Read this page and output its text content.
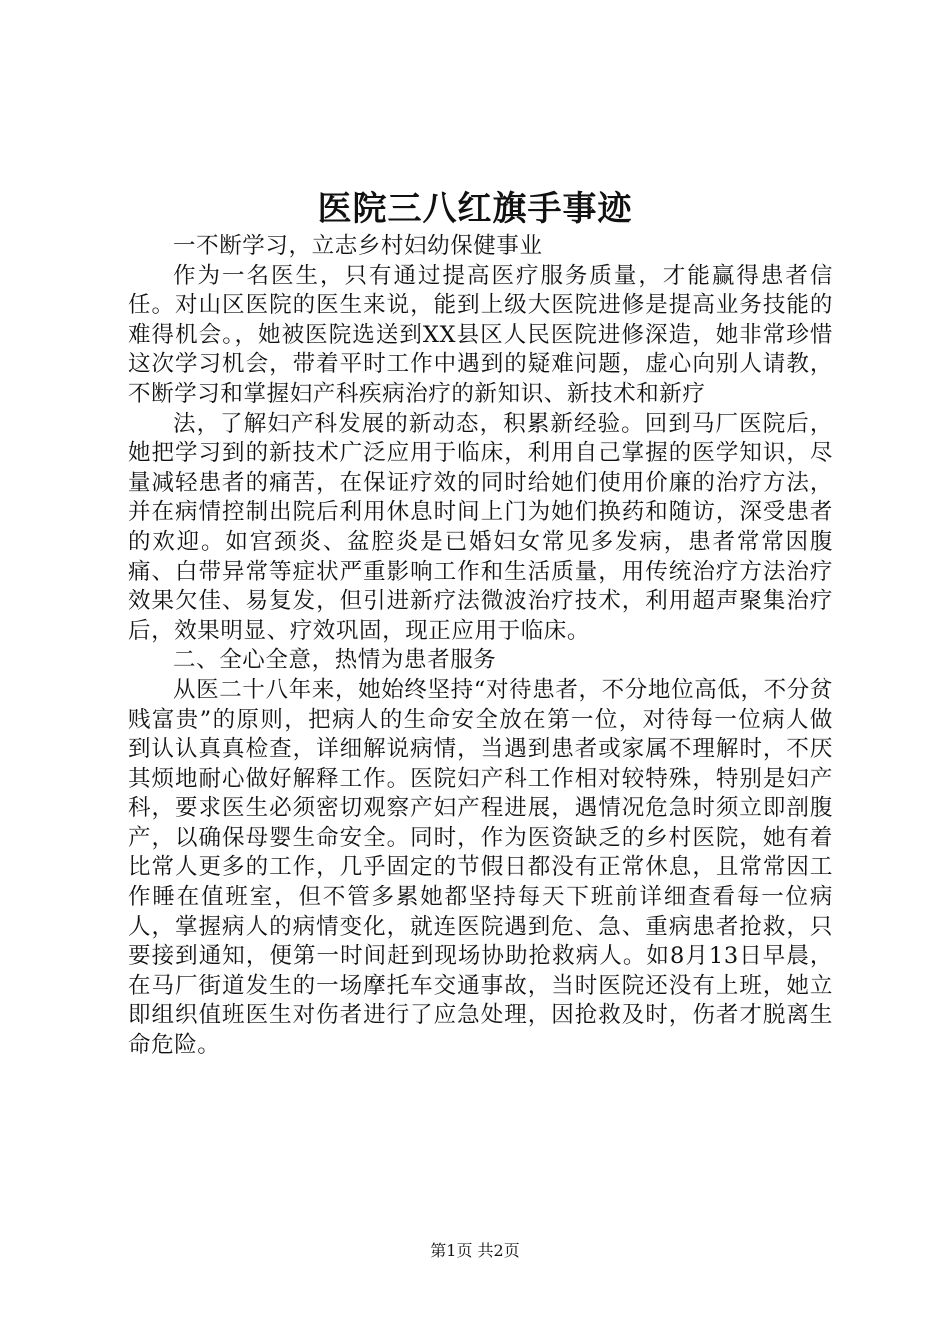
医院三八红旗手事迹

一不断学习，立志乡村妇幼保健事业

作为一名医生，只有通过提高医疗服务质量，才能赢得患者信任。对山区医院的医生来说，能到上级大医院进修是提高业务技能的难得机会。，她被医院选送到XX县区人民医院进修深造，她非常珍惜这次学习机会，带着平时工作中遇到的疑难问题，虚心向别人请教，不断学习和掌握妇产科疾病治疗的新知识、新技术和新疗

法，了解妇产科发展的新动态，积累新经验。回到马厂医院后，她把学习到的新技术广泛应用于临床，利用自己掌握的医学知识，尽量减轻患者的痛苦，在保证疗效的同时给她们使用价廉的治疗方法，并在病情控制出院后利用休息时间上门为她们换药和随访，深受患者的欢迎。如宫颈炎、盆腔炎是已婚妇女常见多发病，患者常常因腹痛、白带异常等症状严重影响工作和生活质量，用传统治疗方法治疗效果欠佳、易复发，但引进新疗法微波治疗技术，利用超声聚集治疗后，效果明显、疗效巩固，现正应用于临床。

二、全心全意，热情为患者服务

从医二十八年来，她始终坚持“对待患者，不分地位高低，不分贫贱富贵”的原则，把病人的生命安全放在第一位，对待每一位病人做到认认真真检查，详细解说病情，当遇到患者或家属不理解时，不厌其烦地耐心做好解释工作。医院妇产科工作相对较特殊，特别是妇产科，要求医生必须密切观察产妇产程进展，遇情况危急时须立即剖腹产，以确保母婴生命安全。同时，作为医资缺乏的乡村医院，她有着比常人更多的工作，几乎固定的节假日都没有正常休息，且常常因工作睡在值班室，但不管多累她都坚持每天下班前详细查看每一位病人，掌握病人的病情变化，就连医院遇到危、急、重病患者抢救，只要接到通知，便第一时间赶到现场协助抢救病人。如8月13日早晨，在马厂街道发生的一场摩托车交通事故，当时医院还没有上班，她立即组织值班医生对伤者进行了应急处理，因抢救及时，伤者才脱离生命危险。

第1页 共2页
